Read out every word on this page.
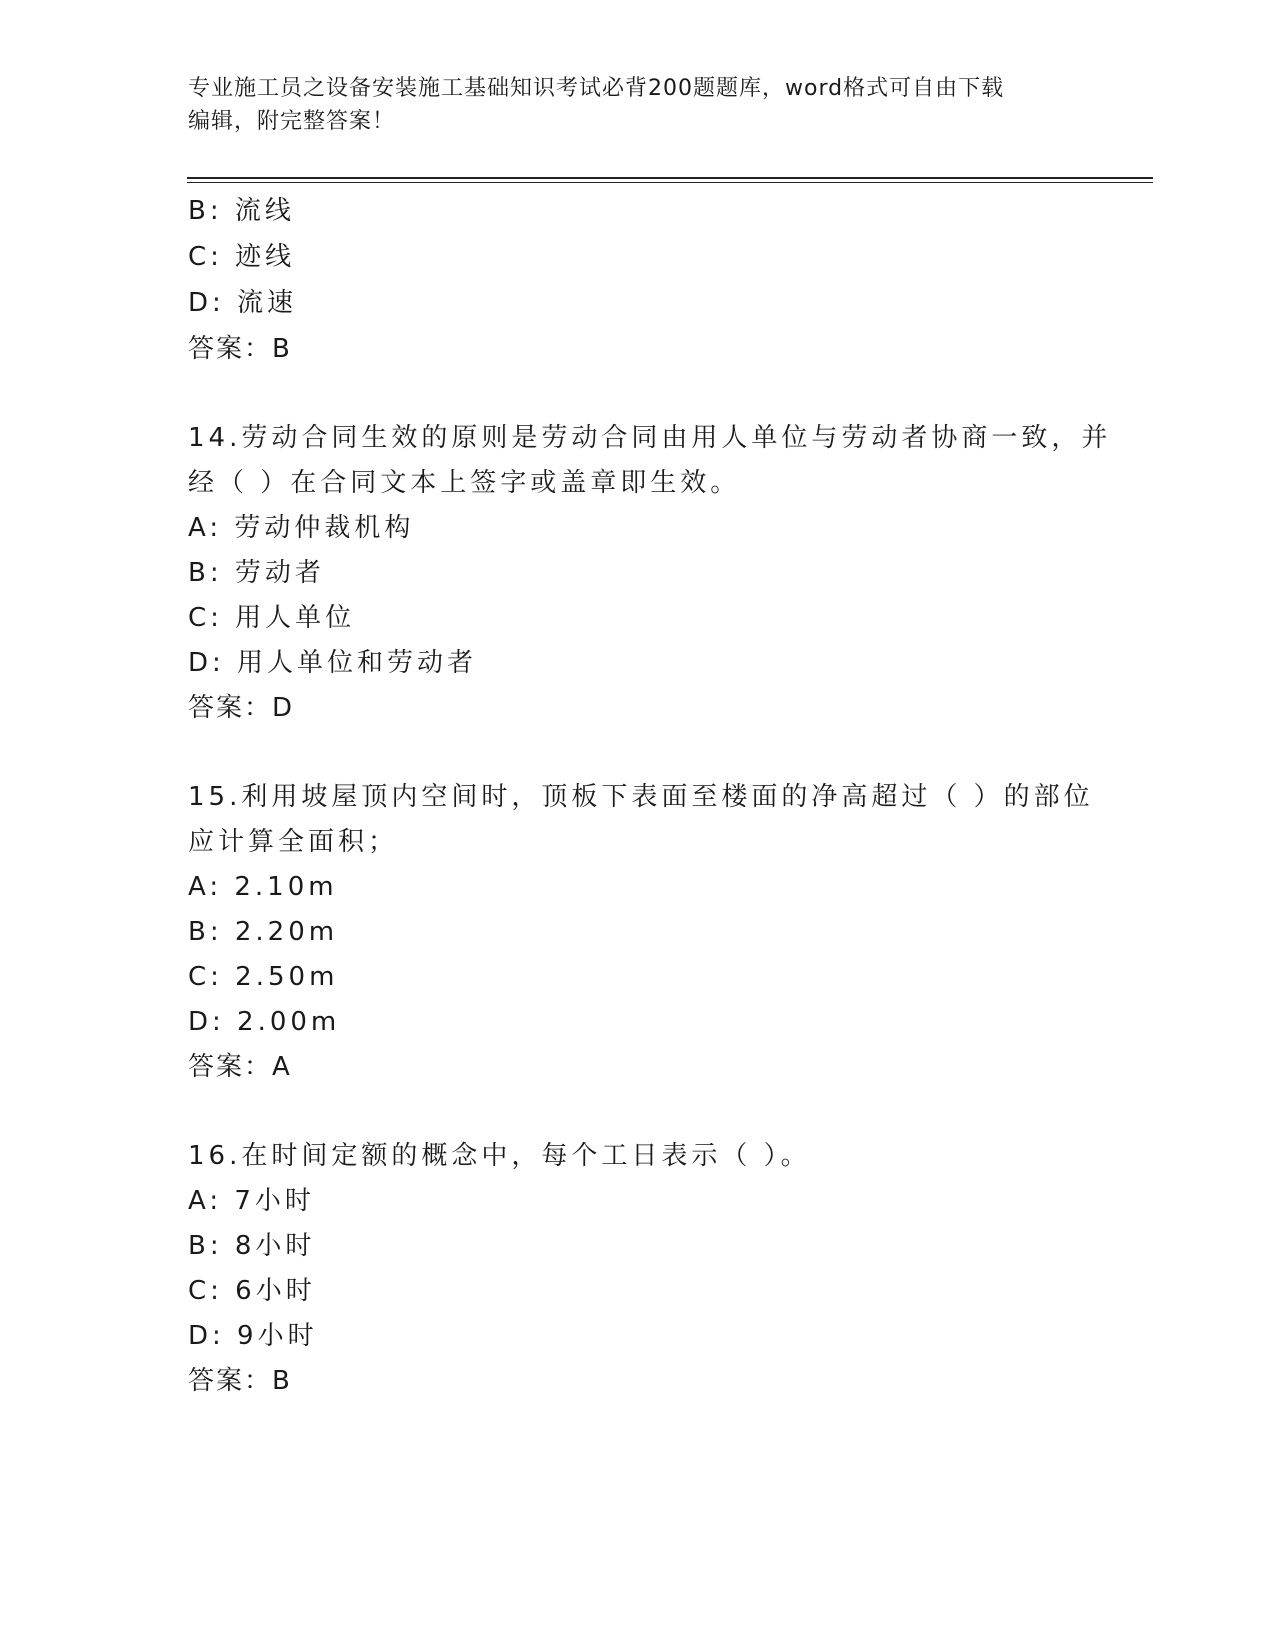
专业施工员之设备安装施工基础知识考试必背200题题库，word格式可自由下载
编辑，附完整答案！
B: 流线
C: 迹线
D: 流速
答案：B
14.劳动合同生效的原则是劳动合同由用人单位与劳动者协商一致，并
经（ ）在合同文本上签字或盖章即生效。
A: 劳动仲裁机构
B: 劳动者
C: 用人单位
D: 用人单位和劳动者
答案：D
15.利用坡屋顶内空间时，顶板下表面至楼面的净高超过（ ）的部位
应计算全面积；
A: 2.10m
B: 2.20m
C: 2.50m
D: 2.00m
答案：A
16.在时间定额的概念中，每个工日表示（ ）。
A: 7小时
B: 8小时
C: 6小时
D: 9小时
答案：B
